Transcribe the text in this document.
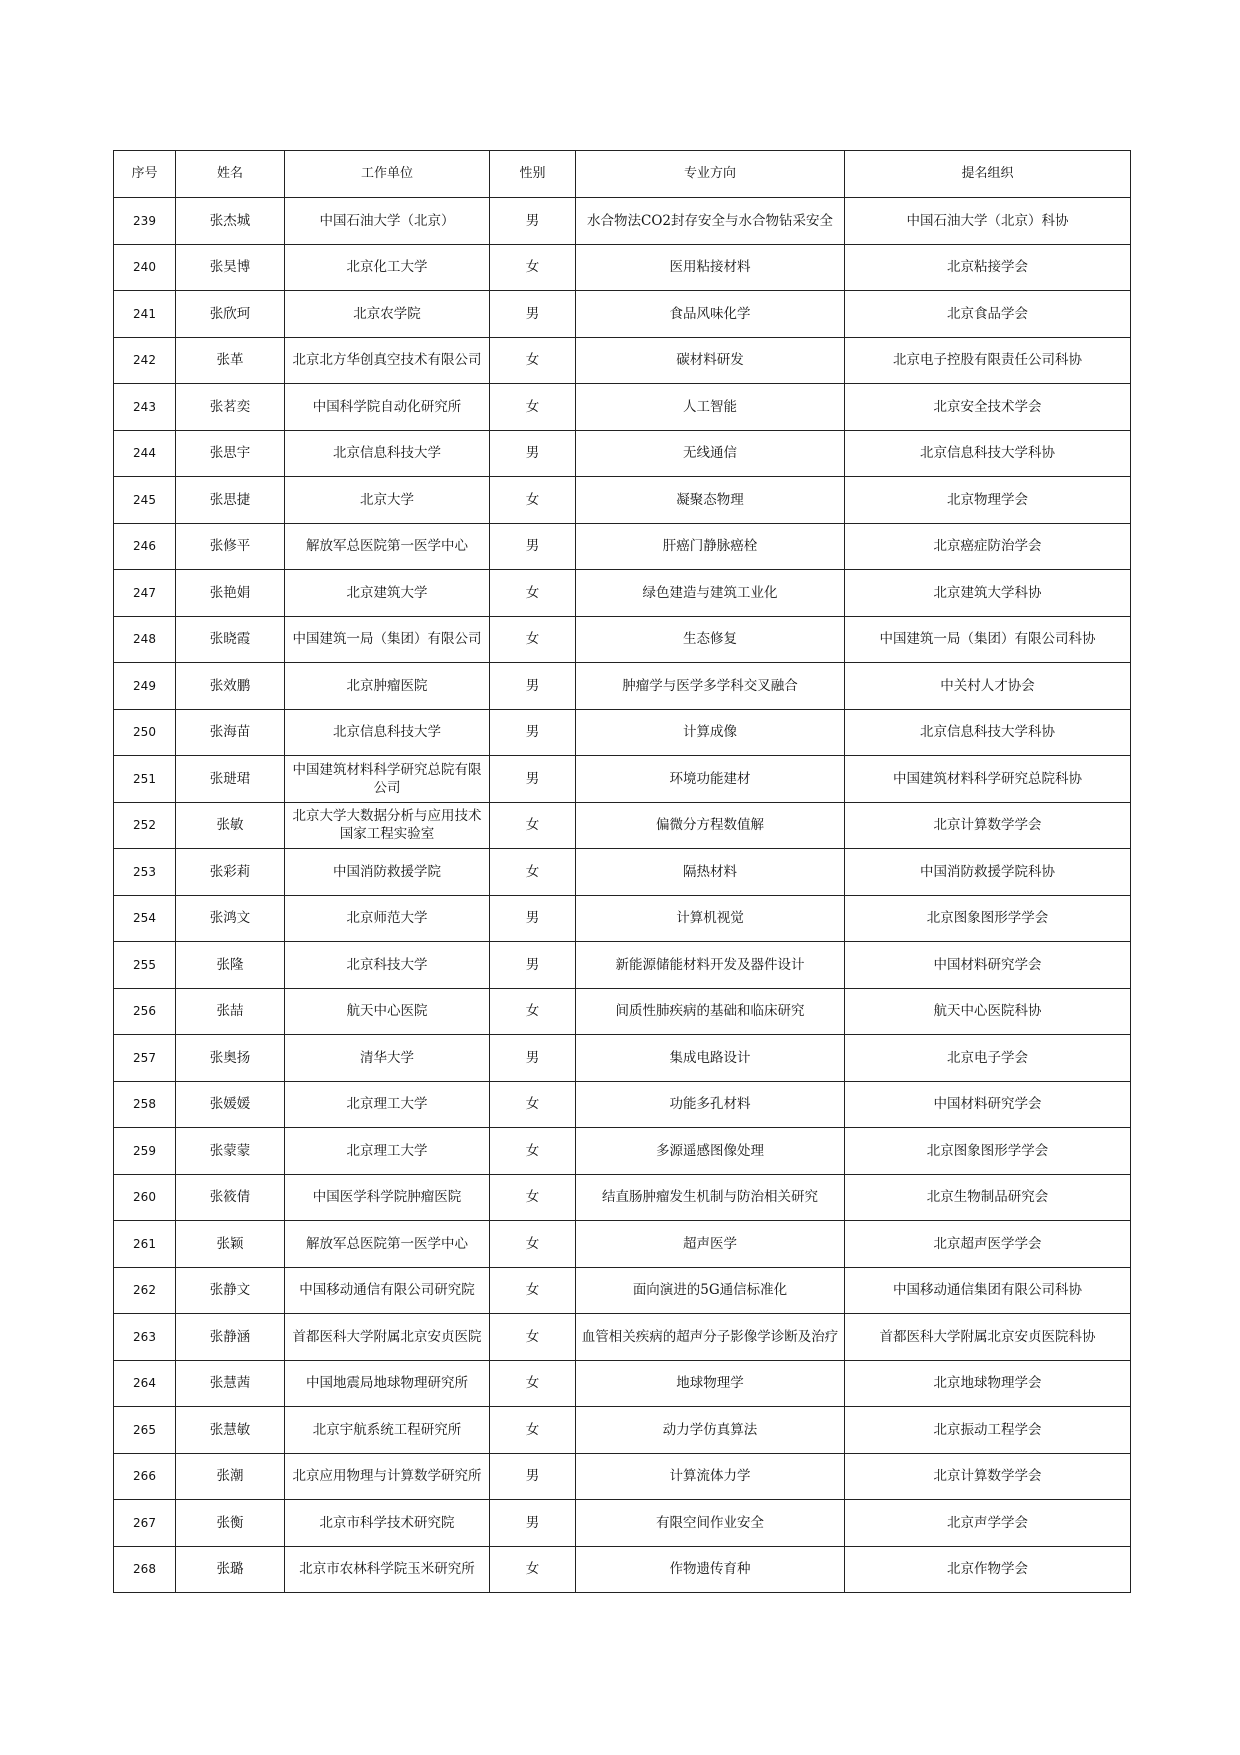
序号	姓名	工作单位	性别	专业方向	提名组织
239	张杰城	中国石油大学（北京）	男	水合物法CO2封存安全与水合物钻采安全	中国石油大学（北京）科协
240	张昊博	北京化工大学	女	医用粘接材料	北京粘接学会
241	张欣珂	北京农学院	男	食品风味化学	北京食品学会
242	张革	北京北方华创真空技术有限公司	女	碳材料研发	北京电子控股有限责任公司科协
243	张茗奕	中国科学院自动化研究所	女	人工智能	北京安全技术学会
244	张思宇	北京信息科技大学	男	无线通信	北京信息科技大学科协
245	张思捷	北京大学	女	凝聚态物理	北京物理学会
246	张修平	解放军总医院第一医学中心	男	肝癌门静脉癌栓	北京癌症防治学会
247	张艳娟	北京建筑大学	女	绿色建造与建筑工业化	北京建筑大学科协
248	张晓霞	中国建筑一局（集团）有限公司	女	生态修复	中国建筑一局（集团）有限公司科协
249	张效鹏	北京肿瘤医院	男	肿瘤学与医学多学科交叉融合	中关村人才协会
250	张海苗	北京信息科技大学	男	计算成像	北京信息科技大学科协
251	张琎珺	中国建筑材料科学研究总院有限公司	男	环境功能建材	中国建筑材料科学研究总院科协
252	张敏	北京大学大数据分析与应用技术国家工程实验室	女	偏微分方程数值解	北京计算数学学会
253	张彩莉	中国消防救援学院	女	隔热材料	中国消防救援学院科协
254	张鸿文	北京师范大学	男	计算机视觉	北京图象图形学学会
255	张隆	北京科技大学	男	新能源储能材料开发及器件设计	中国材料研究学会
256	张喆	航天中心医院	女	间质性肺疾病的基础和临床研究	航天中心医院科协
257	张奥扬	清华大学	男	集成电路设计	北京电子学会
258	张媛媛	北京理工大学	女	功能多孔材料	中国材料研究学会
259	张蒙蒙	北京理工大学	女	多源遥感图像处理	北京图象图形学学会
260	张筱倩	中国医学科学院肿瘤医院	女	结直肠肿瘤发生机制与防治相关研究	北京生物制品研究会
261	张颖	解放军总医院第一医学中心	女	超声医学	北京超声医学学会
262	张静文	中国移动通信有限公司研究院	女	面向演进的5G通信标准化	中国移动通信集团有限公司科协
263	张静涵	首都医科大学附属北京安贞医院	女	血管相关疾病的超声分子影像学诊断及治疗	首都医科大学附属北京安贞医院科协
264	张慧茜	中国地震局地球物理研究所	女	地球物理学	北京地球物理学会
265	张慧敏	北京宇航系统工程研究所	女	动力学仿真算法	北京振动工程学会
266	张潮	北京应用物理与计算数学研究所	男	计算流体力学	北京计算数学学会
267	张衡	北京市科学技术研究院	男	有限空间作业安全	北京声学学会
268	张璐	北京市农林科学院玉米研究所	女	作物遗传育种	北京作物学会
